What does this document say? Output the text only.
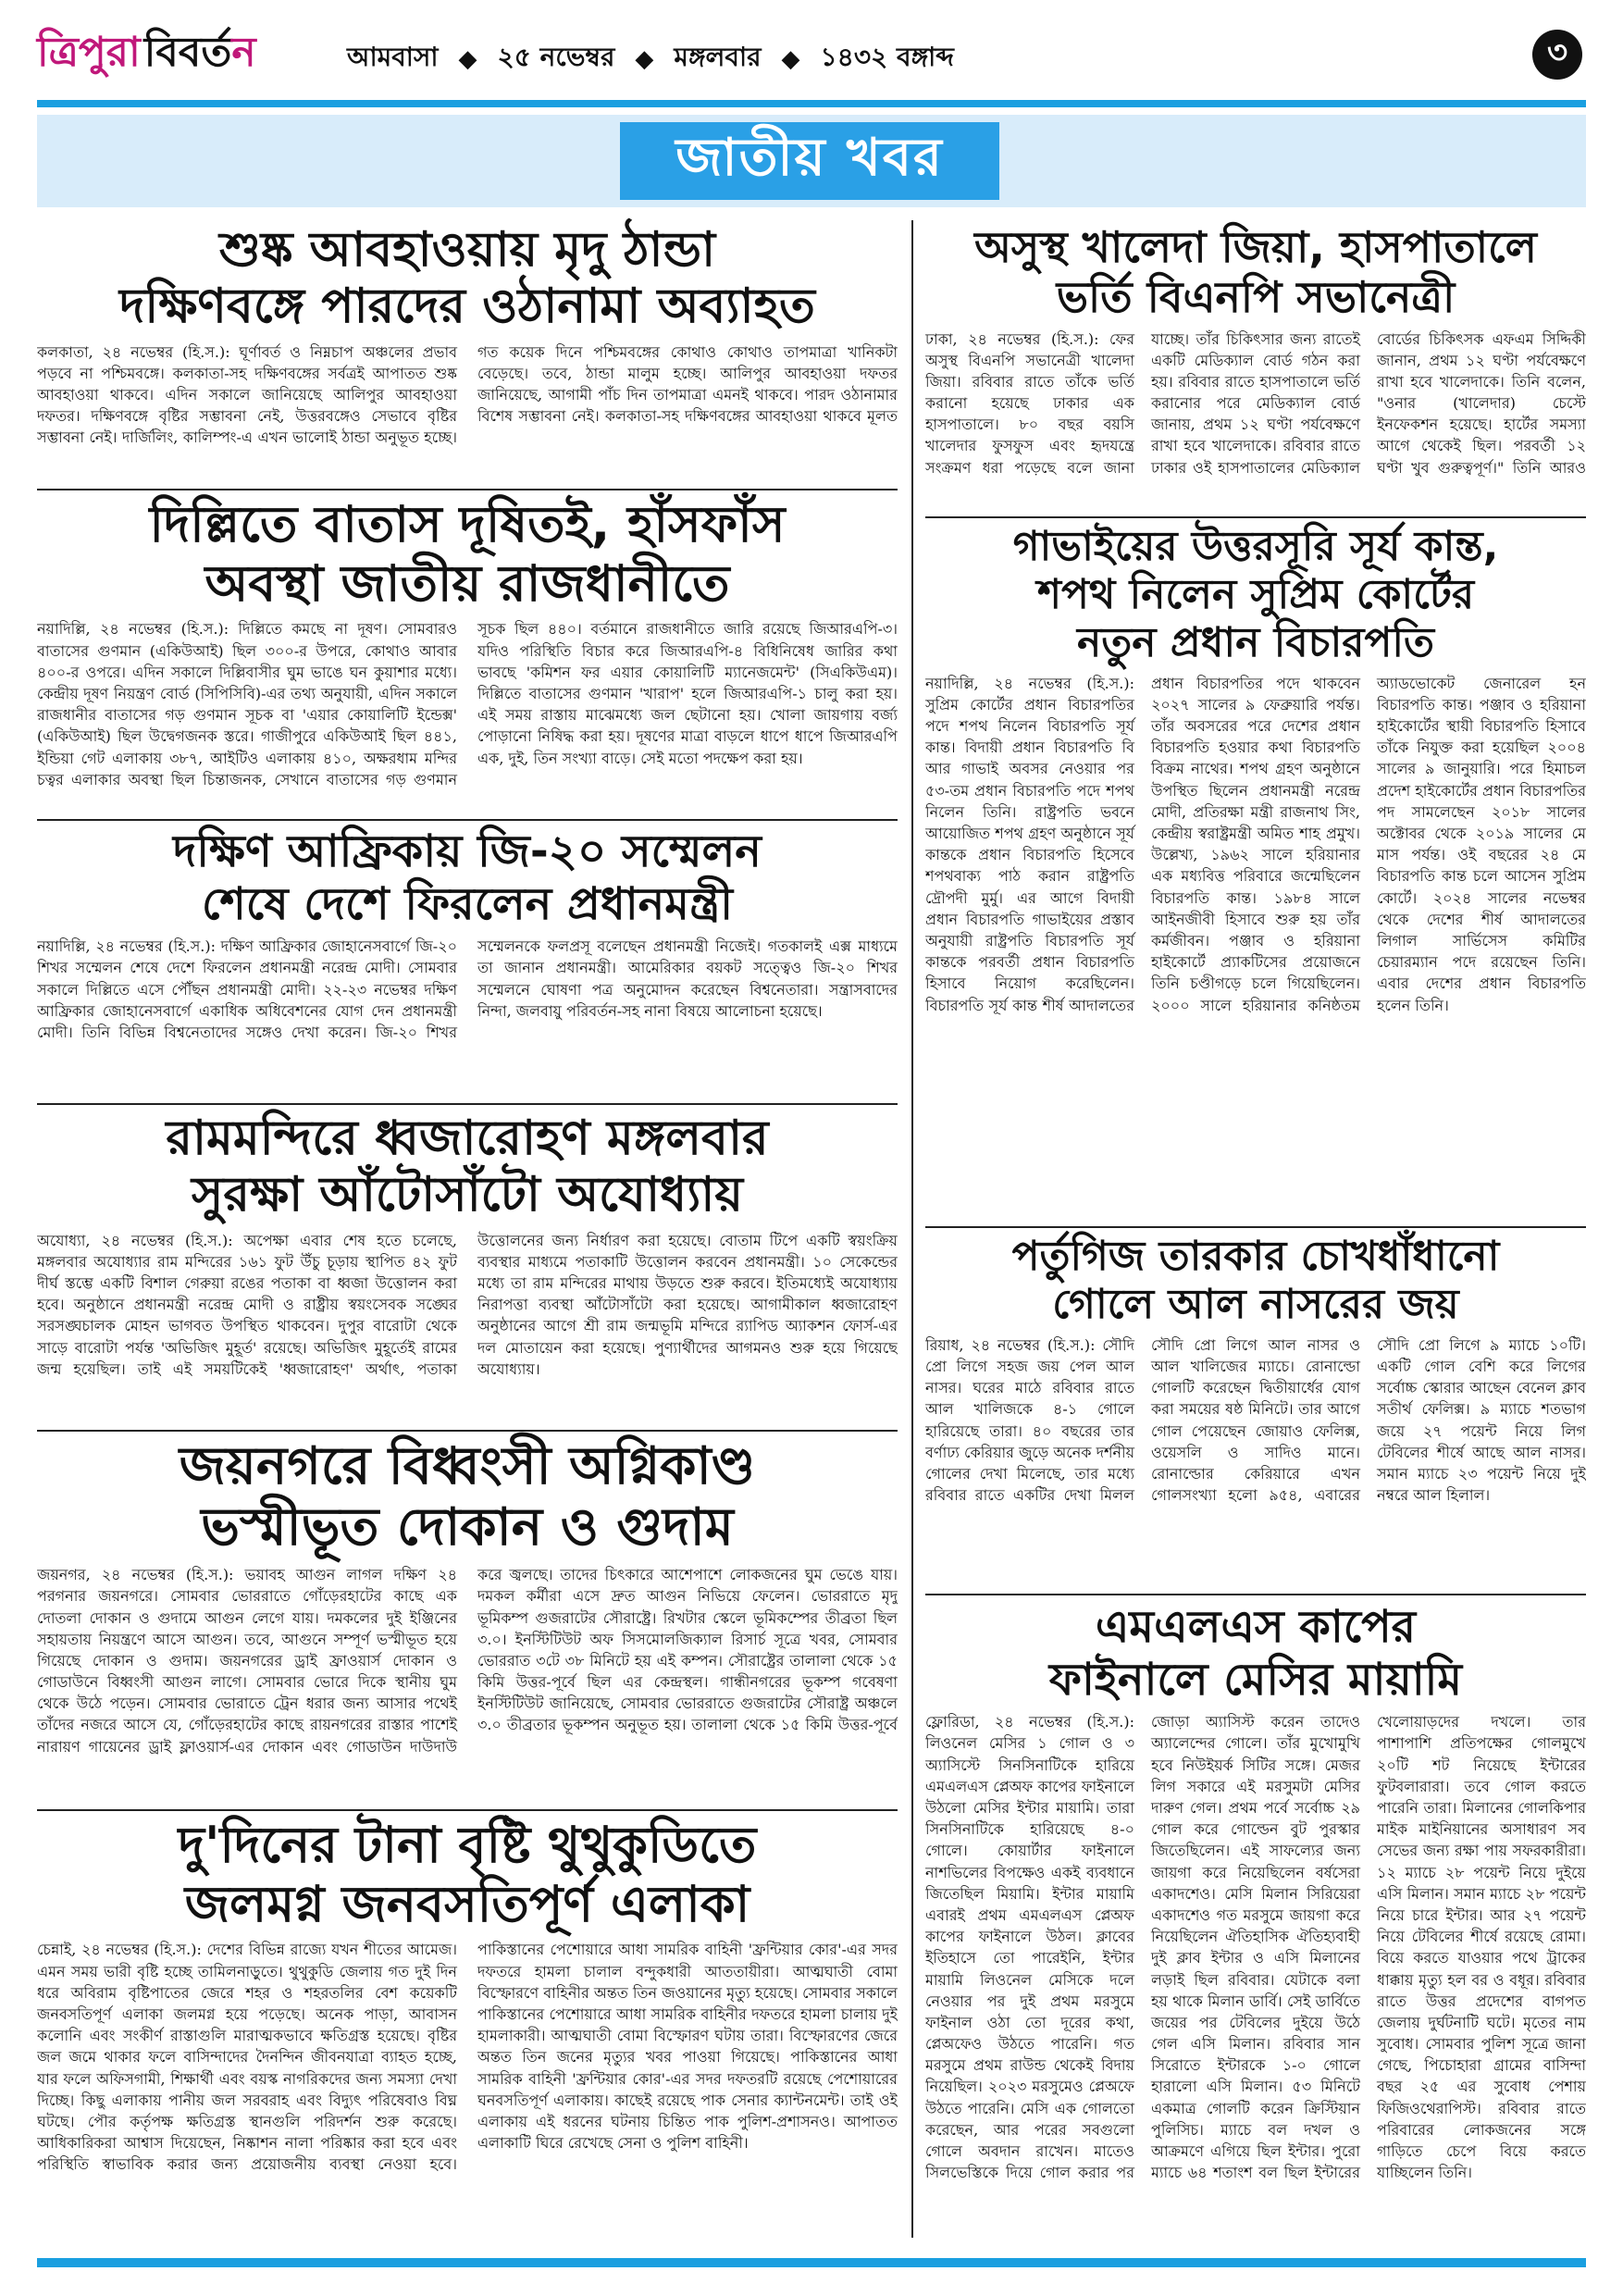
ত্রিপুরা বিবর্ত ন	আমবাসা ◆ ২৫ নভেম্বর ◆ মঙ্গলবার ◆ ১৪৩২ বঙ্গাব্দ	৩
জাতীয় খবর
শুষ্ক আবহাওয়ায় মৃদু ঠান্ডা
দক্ষিণবঙ্গে পারদের ওঠানামা অব্যাহত
কলকাতা, ২৪ নভেম্বর (হি.স.): ঘূর্ণাবর্ত ও নিম্নচাপ অঞ্চলের প্রভাব পড়বে না পশ্চিমবঙ্গে। কলকাতা-সহ দক্ষিণবঙ্গের সর্বত্রই আপাতত শুষ্ক আবহাওয়া থাকবে। এদিন সকালে জানিয়েছে আলিপুর আবহাওয়া দফতর। দক্ষিণবঙ্গে বৃষ্টির সম্ভাবনা নেই, উত্তরবঙ্গেও সেভাবে বৃষ্টির সম্ভাবনা নেই। দার্জিলিং, কালিম্পং-এ এখন ভালোই ঠান্ডা অনুভূত হচ্ছে। গত কয়েক দিনে পশ্চিমবঙ্গের কোথাও কোথাও তাপমাত্রা খানিকটা বেড়েছে। তবে, ঠান্ডা মালুম হচ্ছে। আলিপুর আবহাওয়া দফতর জানিয়েছে, আগামী পাঁচ দিন তাপমাত্রা এমনই থাকবে। পারদ ওঠানামার বিশেষ সম্ভাবনা নেই। কলকাতা-সহ দক্ষিণবঙ্গের আবহাওয়া থাকবে মূলত
দিল্লিতে বাতাস দূষিতই, হাঁসফাঁস
অবস্থা জাতীয় রাজধানীতে
নয়াদিল্লি, ২৪ নভেম্বর (হি.স.): দিল্লিতে কমছে না দূষণ। সোমবারও বাতাসের গুণমান (একিউআই) ছিল ৩০০-র উপরে, কোথাও আবার ৪০০-র ওপরে। এদিন সকালে দিল্লিবাসীর ঘুম ভাঙে ঘন কুয়াশার মধ্যে। কেন্দ্রীয় দূষণ নিয়ন্ত্রণ বোর্ড (সিপিসিবি)-এর তথ্য অনুযায়ী, এদিন সকালে রাজধানীর বাতাসের গড় গুণমান সূচক বা 'এয়ার কোয়ালিটি ইন্ডেক্স' (একিউআই) ছিল উদ্বেগজনক স্তরে। গাজীপুরে একিউআই ছিল ৪৪১, ইন্ডিয়া গেট এলাকায় ৩৮৭, আইটিও এলাকায় ৪১০, অক্ষরধাম মন্দির চত্বর এলাকার অবস্থা ছিল চিন্তাজনক, সেখানে বাতাসের গড় গুণমান সূচক ছিল ৪৪০। বর্তমানে রাজধানীতে জারি রয়েছে জিআরএপি-৩। যদিও পরিস্থিতি বিচার করে জিআরএপি-৪ বিধিনিষেধ জারির কথা ভাবছে 'কমিশন ফর এয়ার কোয়ালিটি ম্যানেজমেন্ট' (সিএকিউএম)। দিল্লিতে বাতাসের গুণমান 'খারাপ' হলে জিআরএপি-১ চালু করা হয়। এই সময় রাস্তায় মাঝেমধ্যে জল ছেটানো হয়। খোলা জায়গায় বর্জ্য পোড়ানো নিষিদ্ধ করা হয়। দূষণের মাত্রা বাড়লে ধাপে ধাপে জিআরএপি এক, দুই, তিন সংখ্যা বাড়ে। সেই মতো পদক্ষেপ করা হয়।
দক্ষিণ আফ্রিকায় জি-২০ সম্মেলন
শেষে দেশে ফিরলেন প্রধানমন্ত্রী
নয়াদিল্লি, ২৪ নভেম্বর (হি.স.): দক্ষিণ আফ্রিকার জোহানেসবার্গে জি-২০ শিখর সম্মেলন শেষে দেশে ফিরলেন প্রধানমন্ত্রী নরেন্দ্র মোদী। সোমবার সকালে দিল্লিতে এসে পৌঁছন প্রধানমন্ত্রী মোদী। ২২-২৩ নভেম্বর দক্ষিণ আফ্রিকার জোহানেসবার্গে একাধিক অধিবেশনের যোগ দেন প্রধানমন্ত্রী মোদী। তিনি বিভিন্ন বিশ্বনেতাদের সঙ্গেও দেখা করেন। জি-২০ শিখর সম্মেলনকে ফলপ্রসূ বলেছেন প্রধানমন্ত্রী নিজেই। গতকালই এক্স মাধ্যমে তা জানান প্রধানমন্ত্রী। আমেরিকার বয়কট সত্ত্বেও জি-২০ শিখর সম্মেলনে ঘোষণা পত্র অনুমোদন করেছেন বিশ্বনেতারা। সন্ত্রাসবাদের নিন্দা, জলবায়ু পরিবর্তন-সহ নানা বিষয়ে আলোচনা হয়েছে।
রামমন্দিরে ধ্বজারোহণ মঙ্গলবার
সুরক্ষা আঁটোসাঁটো অযোধ্যায়
অযোধ্যা, ২৪ নভেম্বর (হি.স.): অপেক্ষা এবার শেষ হতে চলেছে, মঙ্গলবার অযোধ্যার রাম মন্দিরের ১৬১ ফুট উঁচু চূড়ায় স্থাপিত ৪২ ফুট দীর্ঘ স্তম্ভে একটি বিশাল গেরুয়া রঙের পতাকা বা ধ্বজা উত্তোলন করা হবে। অনুষ্ঠানে প্রধানমন্ত্রী নরেন্দ্র মোদী ও রাষ্ট্রীয় স্বয়ংসেবক সঙ্ঘের সরসঙ্ঘচালক মোহন ভাগবত উপস্থিত থাকবেন। দুপুর বারোটা থেকে সাড়ে বারোটা পর্যন্ত 'অভিজিৎ মুহূর্ত' রয়েছে। অভিজিৎ মুহূর্তেই রামের জন্ম হয়েছিল। তাই এই সময়টিকেই 'ধ্বজারোহণ' অর্থাৎ, পতাকা উত্তোলনের জন্য নির্ধারণ করা হয়েছে। বোতাম টিপে একটি স্বয়ংক্রিয় ব্যবস্থার মাধ্যমে পতাকাটি উত্তোলন করবেন প্রধানমন্ত্রী। ১০ সেকেন্ডের মধ্যে তা রাম মন্দিরের মাথায় উড়তে শুরু করবে। ইতিমধ্যেই অযোধ্যায় নিরাপত্তা ব্যবস্থা আঁটোসাঁটো করা হয়েছে। আগামীকাল ধ্বজারোহণ অনুষ্ঠানের আগে শ্রী রাম জন্মভূমি মন্দিরে র‍্যাপিড অ্যাকশন ফোর্স-এর দল মোতায়েন করা হয়েছে। পুণ্যার্থীদের আগমনও শুরু হয়ে গিয়েছে অযোধ্যায়।
জয়নগরে বিধ্বংসী অগ্নিকাণ্ড
ভস্মীভূত দোকান ও গুদাম
জয়নগর, ২৪ নভেম্বর (হি.স.): ভয়াবহ আগুন লাগল দক্ষিণ ২৪ পরগনার জয়নগরে। সোমবার ভোররাতে গোঁড়েরহাটের কাছে এক দোতলা দোকান ও গুদামে আগুন লেগে যায়। দমকলের দুই ইঞ্জিনের সহায়তায় নিয়ন্ত্রণে আসে আগুন। তবে, আগুনে সম্পূর্ণ ভস্মীভূত হয়ে গিয়েছে দোকান ও গুদাম। জয়নগরের ড্রাই ফ্রাওয়ার্স দোকান ও গোডাউনে বিধ্বংসী আগুন লাগে। সোমবার ভোরে দিকে স্থানীয় ঘুম থেকে উঠে পড়েন। সোমবার ভোরাতে ট্রেন ধরার জন্য আসার পথেই তাঁদের নজরে আসে যে, গোঁড়েরহাটের কাছে রায়নগরের রাস্তার পাশেই নারায়ণ গায়েনের ড্রাই ফ্লাওয়ার্স-এর দোকান এবং গোডাউন দাউদাউ করে জ্বলছে। তাদের চিৎকারে আশেপাশে লোকজনের ঘুম ভেঙে যায়। দমকল কর্মীরা এসে দ্রুত আগুন নিভিয়ে ফেলেন। ভোররাতে মৃদু ভূমিকম্প গুজরাটের সৌরাষ্ট্রে। রিখটার স্কেলে ভূমিকম্পের তীব্রতা ছিল ৩.০। ইনস্টিটিউট অফ সিসমোলজিক্যাল রিসার্চ সূত্রে খবর, সোমবার ভোররাত ৩টে ৩৮ মিনিটে হয় এই কম্পন। সৌরাষ্ট্রের তালালা থেকে ১৫ কিমি উত্তর-পূর্বে ছিল এর কেন্দ্রস্থল। গান্ধীনগরের ভূকম্প গবেষণা ইনস্টিটিউট জানিয়েছে, সোমবার ভোররাতে গুজরাটের সৌরাষ্ট্র অঞ্চলে ৩.০ তীব্রতার ভূকম্পন অনুভূত হয়। তালালা থেকে ১৫ কিমি উত্তর-পূর্বে
দু'দিনের টানা বৃষ্টি থুথুকুডিতে
জলমগ্ন জনবসতিপূর্ণ এলাকা
চেন্নাই, ২৪ নভেম্বর (হি.স.): দেশের বিভিন্ন রাজ্যে যখন শীতের আমেজ। এমন সময় ভারী বৃষ্টি হচ্ছে তামিলনাড়ুতে। থুথুকুডি জেলায় গত দুই দিন ধরে অবিরাম বৃষ্টিপাতের জেরে শহর ও শহরতলির বেশ কয়েকটি জনবসতিপূর্ণ এলাকা জলমগ্ন হয়ে পড়েছে। অনেক পাড়া, আবাসন কলোনি এবং সংকীর্ণ রাস্তাগুলি মারাত্মকভাবে ক্ষতিগ্রস্ত হয়েছে। বৃষ্টির জল জমে থাকার ফলে বাসিন্দাদের দৈনন্দিন জীবনযাত্রা ব্যাহত হচ্ছে, যার ফলে অফিসগামী, শিক্ষার্থী এবং বয়স্ক নাগরিকদের জন্য সমস্যা দেখা দিচ্ছে। কিছু এলাকায় পানীয় জল সরবরাহ এবং বিদ্যুৎ পরিষেবাও বিঘ্ন ঘটছে। পৌর কর্তৃপক্ষ ক্ষতিগ্রস্ত স্থানগুলি পরিদর্শন শুরু করেছে। আধিকারিকরা আশ্বাস দিয়েছেন, নিষ্কাশন নালা পরিষ্কার করা হবে এবং পরিস্থিতি স্বাভাবিক করার জন্য প্রয়োজনীয় ব্যবস্থা নেওয়া হবে। পাকিস্তানের পেশোয়ারে আধা সামরিক বাহিনী 'ফ্রন্টিয়ার কোর'-এর সদর দফতরে হামলা চালাল বন্দুকধারী আততায়ীরা। আত্মঘাতী বোমা বিস্ফোরণে বাহিনীর অন্তত তিন জওয়ানের মৃত্যু হয়েছে। সোমবার সকালে পাকিস্তানের পেশোয়ারে আধা সামরিক বাহিনীর দফতরে হামলা চালায় দুই হামলাকারী। আত্মঘাতী বোমা বিস্ফোরণ ঘটায় তারা। বিস্ফোরণের জেরে অন্তত তিন জনের মৃত্যুর খবর পাওয়া গিয়েছে। পাকিস্তানের আধা সামরিক বাহিনী 'ফ্রন্টিয়ার কোর'-এর সদর দফতরটি রয়েছে পেশোয়ারের ঘনবসতিপূর্ণ এলাকায়। কাছেই রয়েছে পাক সেনার ক্যান্টনমেন্ট। তাই ওই এলাকায় এই ধরনের ঘটনায় চিন্তিত পাক পুলিশ-প্রশাসনও। আপাতত এলাকাটি ঘিরে রেখেছে সেনা ও পুলিশ বাহিনী।
অসুস্থ খালেদা জিয়া, হাসপাতালে
ভর্তি বিএনপি সভানেত্রী
ঢাকা, ২৪ নভেম্বর (হি.স.): ফের অসুস্থ বিএনপি সভানেত্রী খালেদা জিয়া। রবিবার রাতে তাঁকে ভর্তি করানো হয়েছে ঢাকার এক হাসপাতালে। ৮০ বছর বয়সি খালেদার ফুসফুস এবং হৃদযন্ত্রে সংক্রমণ ধরা পড়েছে বলে জানা যাচ্ছে। তাঁর চিকিৎসার জন্য রাতেই একটি মেডিক্যাল বোর্ড গঠন করা হয়। রবিবার রাতে হাসপাতালে ভর্তি করানোর পরে মেডিক্যাল বোর্ড জানায়, প্রথম ১২ ঘণ্টা পর্যবেক্ষণে রাখা হবে খালেদাকে। রবিবার রাতে ঢাকার ওই হাসপাতালের মেডিক্যাল বোর্ডের চিকিৎসক এফএম সিদ্দিকী জানান, প্রথম ১২ ঘণ্টা পর্যবেক্ষণে রাখা হবে খালেদাকে। তিনি বলেন, "ওনার (খালেদার) চেস্টে ইনফেকশন হয়েছে। হার্টের সমস্যা আগে থেকেই ছিল। পরবর্তী ১২ ঘণ্টা খুব গুরুত্বপূর্ণ।" তিনি আরও
গাভাইয়ের উত্তরসূরি সূর্য কান্ত,
শপথ নিলেন সুপ্রিম কোর্টের
নতুন প্রধান বিচারপতি
নয়াদিল্লি, ২৪ নভেম্বর (হি.স.): সুপ্রিম কোর্টের প্রধান বিচারপতির পদে শপথ নিলেন বিচারপতি সূর্য কান্ত। বিদায়ী প্রধান বিচারপতি বি আর গাভাই অবসর নেওয়ার পর ৫৩-তম প্রধান বিচারপতি পদে শপথ নিলেন তিনি। রাষ্ট্রপতি ভবনে আয়োজিত শপথ গ্রহণ অনুষ্ঠানে সূর্য কান্তকে প্রধান বিচারপতি হিসেবে শপথবাক্য পাঠ করান রাষ্ট্রপতি দ্রৌপদী মুর্মু। এর আগে বিদায়ী প্রধান বিচারপতি গাভাইয়ের প্রস্তাব অনুযায়ী রাষ্ট্রপতি বিচারপতি সূর্য কান্তকে পরবর্তী প্রধান বিচারপতি হিসাবে নিয়োগ করেছিলেন। বিচারপতি সূর্য কান্ত শীর্ষ আদালতের প্রধান বিচারপতির পদে থাকবেন ২০২৭ সালের ৯ ফেব্রুয়ারি পর্যন্ত। তাঁর অবসরের পরে দেশের প্রধান বিচারপতি হওয়ার কথা বিচারপতি বিক্রম নাথের। শপথ গ্রহণ অনুষ্ঠানে উপস্থিত ছিলেন প্রধানমন্ত্রী নরেন্দ্র মোদী, প্রতিরক্ষা মন্ত্রী রাজনাথ সিং, কেন্দ্রীয় স্বরাষ্ট্রমন্ত্রী অমিত শাহ প্রমুখ। উল্লেখ্য, ১৯৬২ সালে হরিয়ানার এক মধ্যবিত্ত পরিবারে জন্মেছিলেন বিচারপতি কান্ত। ১৯৮৪ সালে আইনজীবী হিসাবে শুরু হয় তাঁর কর্মজীবন। পঞ্জাব ও হরিয়ানা হাইকোর্টে প্র্যাকটিসের প্রয়োজনে তিনি চণ্ডীগড়ে চলে গিয়েছিলেন। ২০০০ সালে হরিয়ানার কনিষ্ঠতম অ্যাডভোকেট জেনারেল হন বিচারপতি কান্ত। পঞ্জাব ও হরিয়ানা হাইকোর্টের স্থায়ী বিচারপতি হিসাবে তাঁকে নিযুক্ত করা হয়েছিল ২০০৪ সালের ৯ জানুয়ারি। পরে হিমাচল প্রদেশ হাইকোর্টের প্রধান বিচারপতির পদ সামলেছেন ২০১৮ সালের অক্টোবর থেকে ২০১৯ সালের মে মাস পর্যন্ত। ওই বছরের ২৪ মে বিচারপতি কান্ত চলে আসেন সুপ্রিম কোর্টে। ২০২৪ সালের নভেম্বর থেকে দেশের শীর্ষ আদালতের লিগাল সার্ভিসেস কমিটির চেয়ারম্যান পদে রয়েছেন তিনি। এবার দেশের প্রধান বিচারপতি হলেন তিনি।
পর্তুগিজ তারকার চোখধাঁধানো
গোলে আল নাসরের জয়
রিয়াধ, ২৪ নভেম্বর (হি.স.): সৌদি প্রো লিগে সহজ জয় পেল আল নাসর। ঘরের মাঠে রবিবার রাতে আল খালিজকে ৪-১ গোলে হারিয়েছে তারা। ৪০ বছরের তার বর্ণাঢ্য কেরিয়ার জুড়ে অনেক দর্শনীয় গোলের দেখা মিলেছে, তার মধ্যে রবিবার রাতে একটির দেখা মিলল সৌদি প্রো লিগে আল নাসর ও আল খালিজের ম্যাচে। রোনাল্ডো গোলটি করেছেন দ্বিতীয়ার্ধের যোগ করা সময়ের ষষ্ঠ মিনিটে। তার আগে গোল পেয়েছেন জোয়াও ফেলিক্স, ওয়েসলি ও সাদিও মানে। রোনাল্ডোর কেরিয়ারে এখন গোলসংখ্যা হলো ৯৫৪, এবারের সৌদি প্রো লিগে ৯ ম্যাচে ১০টি। একটি গোল বেশি করে লিগের সর্বোচ্চ স্কোরার আছেন বেনেল ক্লাব সতীর্থ ফেলিক্স। ৯ ম্যাচে শতভাগ জয়ে ২৭ পয়েন্ট নিয়ে লিগ টেবিলের শীর্ষে আছে আল নাসর। সমান ম্যাচে ২৩ পয়েন্ট নিয়ে দুই নম্বরে আল হিলাল।
এমএলএস কাপের
ফাইনালে মেসির মায়ামি
ফ্লোরিডা, ২৪ নভেম্বর (হি.স.): লিওনেল মেসির ১ গোল ও ৩ অ্যাসিস্টে সিনসিনাটিকে হারিয়ে এমএলএস প্লেঅফ কাপের ফাইনালে উঠলো মেসির ইন্টার মায়ামি। তারা সিনসিনাটিকে হারিয়েছে ৪-০ গোলে। কোয়ার্টার ফাইনালে নাশভিলের বিপক্ষেও একই ব্যবধানে জিতেছিল মিয়ামি। ইন্টার মায়ামি এবারই প্রথম এমএলএস প্লেঅফ কাপের ফাইনালে উঠল। ক্লাবের ইতিহাসে তো পারেইনি, ইন্টার মায়ামি লিওনেল মেসিকে দলে নেওয়ার পর দুই প্রথম মরসুমে ফাইনাল ওঠা তো দূরের কথা, প্লেঅফেও উঠতে পারেনি। গত মরসুমে প্রথম রাউন্ড থেকেই বিদায় নিয়েছিল। ২০২৩ মরসুমেও প্লেঅফে উঠতে পারেনি। মেসি এক গোলতো করেছেন, আর পরের সবগুলো গোলে অবদান রাখেন। মাতেও সিলভেস্তিকে দিয়ে গোল করার পর জোড়া অ্যাসিস্ট করেন তাদেও অ্যালেন্দের গোলে। তাঁর মুখোমুখি হবে নিউইয়র্ক সিটির সঙ্গে। মেজর লিগ সকারে এই মরসুমটা মেসির দারুণ গেল। প্রথম পর্বে সর্বোচ্চ ২৯ গোল করে গোল্ডেন বুট পুরস্কার জিতেছিলেন। এই সাফল্যের জন্য জায়গা করে নিয়েছিলেন বর্ষসেরা একাদশেও। মেসি মিলান সিরিয়েরা একাদশেও গত মরসুমে জায়গা করে নিয়েছিলেন ঐতিহাসিক ঐতিহ্যবাহী দুই ক্লাব ইন্টার ও এসি মিলানের লড়াই ছিল রবিবার। যেটাকে বলা হয় থাকে মিলান ডার্বি। সেই ডার্বিতে জয়ের পর টেবিলের দুইয়ে উঠে গেল এসি মিলান। রবিবার সান সিরোতে ইন্টারকে ১-০ গোলে হারালো এসি মিলান। ৫৩ মিনিটে একমাত্র গোলটি করেন ক্রিস্টিয়ান পুলিসিচ। ম্যাচে বল দখল ও আক্রমণে এগিয়ে ছিল ইন্টার। পুরো ম্যাচে ৬৪ শতাংশ বল ছিল ইন্টারের খেলোয়াড়দের দখলে। তার পাশাপাশি প্রতিপক্ষের গোলমুখে ২০টি শট নিয়েছে ইন্টারের ফুটবলারারা। তবে গোল করতে পারেনি তারা। মিলানের গোলকিপার মাইক মাইনিয়ানের অসাধারণ সব সেভের জন্য রক্ষা পায় সফরকারীরা। ১২ ম্যাচে ২৮ পয়েন্ট নিয়ে দুইয়ে এসি মিলান। সমান ম্যাচে ২৮ পয়েন্ট নিয়ে চারে ইন্টার। আর ২৭ পয়েন্ট নিয়ে টেবিলের শীর্ষে রয়েছে রোমা। বিয়ে করতে যাওয়ার পথে ট্রাকের ধাক্কায় মৃত্যু হল বর ও বধূর। রবিবার রাতে উত্তর প্রদেশের বাগপত জেলায় দুর্ঘটনাটি ঘটে। মৃতের নাম সুবোধ। সোমবার পুলিশ সূত্রে জানা গেছে, পিচোহারা গ্রামের বাসিন্দা বছর ২৫ এর সুবোধ পেশায় ফিজিওথেরাপিস্ট। রবিবার রাতে পরিবারের লোকজনের সঙ্গে গাড়িতে চেপে বিয়ে করতে যাচ্ছিলেন তিনি।
